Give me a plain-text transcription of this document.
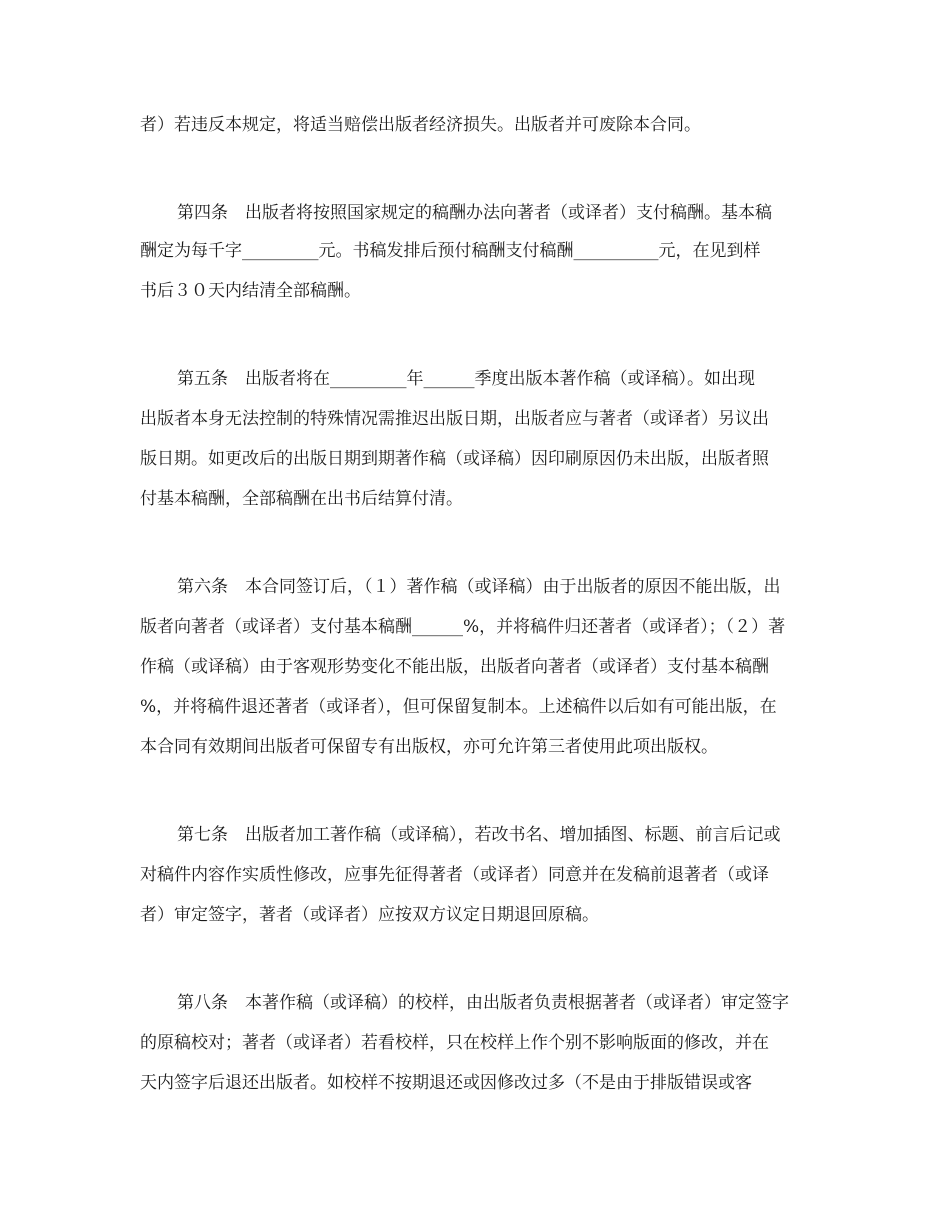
者）若违反本规定，将适当赔偿出版者经济损失。出版者并可废除本合同。
第四条　出版者将按照国家规定的稿酬办法向著者（或译者）支付稿酬。基本稿
酬定为每千字_________元。书稿发排后预付稿酬支付稿酬__________元，在见到样
书后３０天内结清全部稿酬。
第五条　出版者将在_________年______季度出版本著作稿（或译稿）。如出现
出版者本身无法控制的特殊情况需推迟出版日期，出版者应与著者（或译者）另议出
版日期。如更改后的出版日期到期著作稿（或译稿）因印刷原因仍未出版，出版者照
付基本稿酬，全部稿酬在出书后结算付清。
第六条　本合同签订后，（１）著作稿（或译稿）由于出版者的原因不能出版，出
版者向著者（或译者）支付基本稿酬______%，并将稿件归还著者（或译者）；（２）著
作稿（或译稿）由于客观形势变化不能出版，出版者向著者（或译者）支付基本稿酬
%，并将稿件退还著者（或译者），但可保留复制本。上述稿件以后如有可能出版，在
本合同有效期间出版者可保留专有出版权，亦可允许第三者使用此项出版权。
第七条　出版者加工著作稿（或译稿），若改书名、增加插图、标题、前言后记或
对稿件内容作实质性修改，应事先征得著者（或译者）同意并在发稿前退著者（或译
者）审定签字，著者（或译者）应按双方议定日期退回原稿。
第八条　本著作稿（或译稿）的校样，由出版者负责根据著者（或译者）审定签字
的原稿校对；著者（或译者）若看校样，只在校样上作个别不影响版面的修改，并在
天内签字后退还出版者。如校样不按期退还或因修改过多（不是由于排版错误或客
